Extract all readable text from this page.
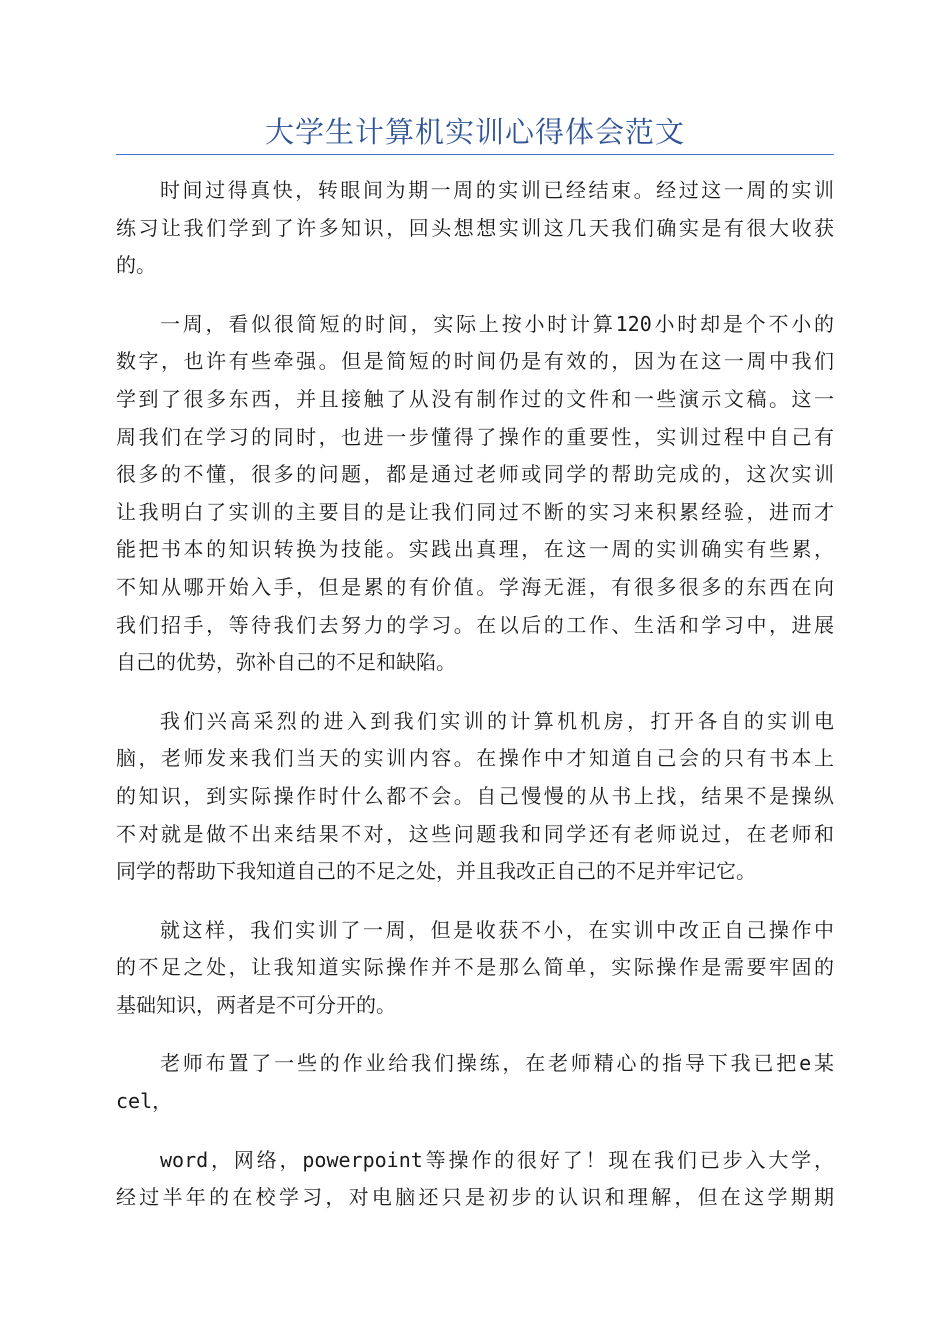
大学生计算机实训心得体会范文
时间过得真快，转眼间为期一周的实训已经结束。经过这一周的实训
练习让我们学到了许多知识，回头想想实训这几天我们确实是有很大收获
的。
一周，看似很简短的时间，实际上按小时计算120小时却是个不小的
数字，也许有些牵强。但是简短的时间仍是有效的，因为在这一周中我们
学到了很多东西，并且接触了从没有制作过的文件和一些演示文稿。这一
周我们在学习的同时，也进一步懂得了操作的重要性，实训过程中自己有
很多的不懂，很多的问题，都是通过老师或同学的帮助完成的，这次实训
让我明白了实训的主要目的是让我们同过不断的实习来积累经验，进而才
能把书本的知识转换为技能。实践出真理，在这一周的实训确实有些累，
不知从哪开始入手，但是累的有价值。学海无涯，有很多很多的东西在向
我们招手，等待我们去努力的学习。在以后的工作、生活和学习中，进展
自己的优势，弥补自己的不足和缺陷。
我们兴高采烈的进入到我们实训的计算机机房，打开各自的实训电
脑，老师发来我们当天的实训内容。在操作中才知道自己会的只有书本上
的知识，到实际操作时什么都不会。自己慢慢的从书上找，结果不是操纵
不对就是做不出来结果不对，这些问题我和同学还有老师说过，在老师和
同学的帮助下我知道自己的不足之处，并且我改正自己的不足并牢记它。
就这样，我们实训了一周，但是收获不小，在实训中改正自己操作中
的不足之处，让我知道实际操作并不是那么简单，实际操作是需要牢固的
基础知识，两者是不可分开的。
老师布置了一些的作业给我们操练，在老师精心的指导下我已把e某
cel，
word，网络，powerpoint等操作的很好了！现在我们已步入大学，
经过半年的在校学习，对电脑还只是初步的认识和理解，但在这学期期
